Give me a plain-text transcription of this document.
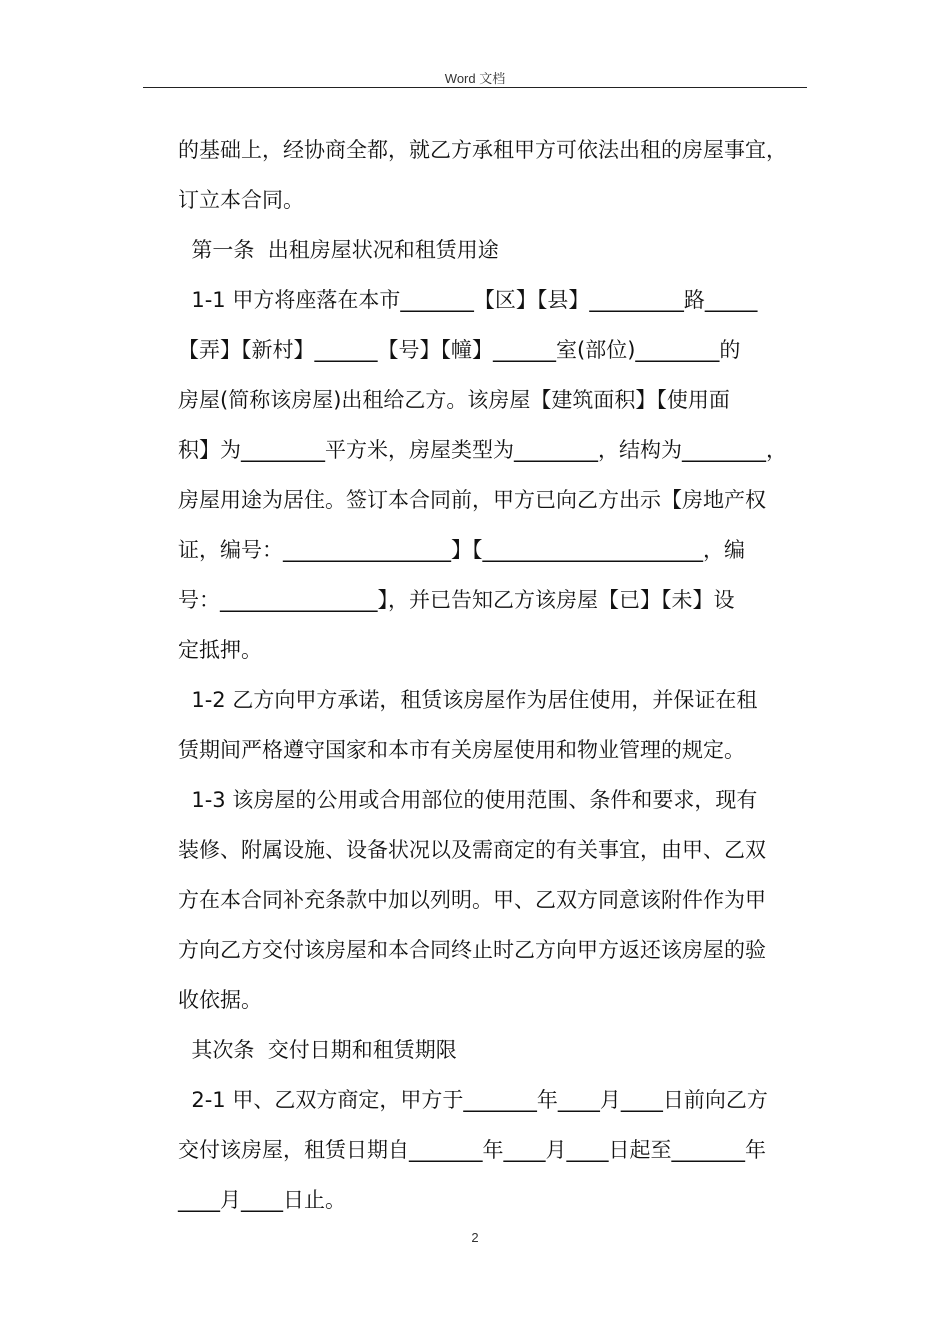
Word 文档
的基础上，经协商全都，就乙方承租甲方可依法出租的房屋事宜，
订立本合同。
第一条  出租房屋状况和租赁用途
1-1 甲方将座落在本市_______【区】【县】_________路_____
【弄】【新村】______【号】【幢】______室(部位)________的
房屋(简称该房屋)出租给乙方。该房屋【建筑面积】【使用面
积】为________平方米，房屋类型为________，结构为________，
房屋用途为居住。签订本合同前，甲方已向乙方出示【房地产权
证，编号：________________】【_____________________，编
号：_______________】，并已告知乙方该房屋【已】【未】设
定抵押。
1-2 乙方向甲方承诺，租赁该房屋作为居住使用，并保证在租
赁期间严格遵守国家和本市有关房屋使用和物业管理的规定。
1-3 该房屋的公用或合用部位的使用范围、条件和要求，现有
装修、附属设施、设备状况以及需商定的有关事宜，由甲、乙双
方在本合同补充条款中加以列明。甲、乙双方同意该附件作为甲
方向乙方交付该房屋和本合同终止时乙方向甲方返还该房屋的验
收依据。
其次条  交付日期和租赁期限
2-1 甲、乙双方商定，甲方于_______年____月____日前向乙方
交付该房屋，租赁日期自_______年____月____日起至_______年
____月____日止。
2
